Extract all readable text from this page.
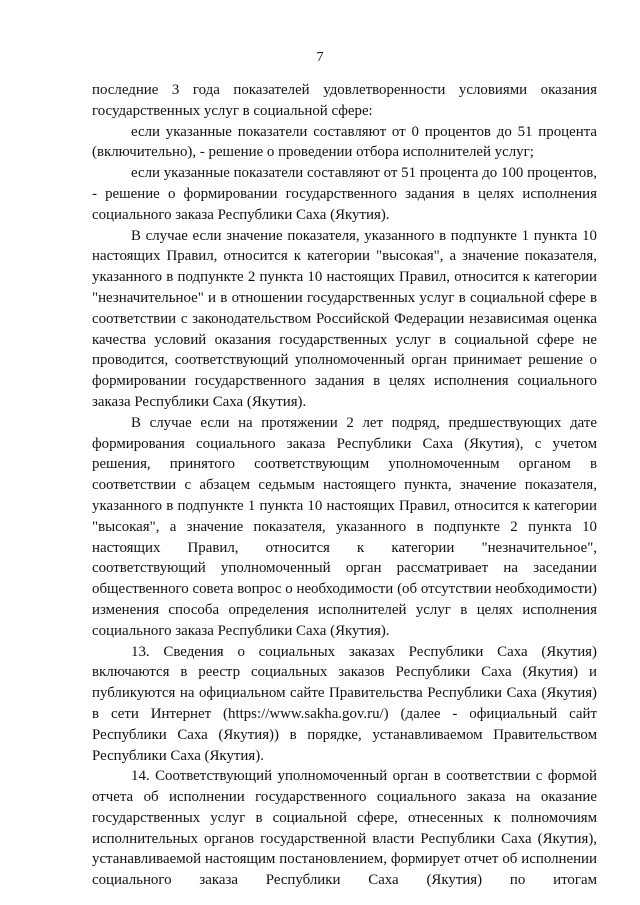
7

последние 3 года показателей удовлетворенности условиями оказания государственных услуг в социальной сфере:

если указанные показатели составляют от 0 процентов до 51 процента (включительно), - решение о проведении отбора исполнителей услуг;

если указанные показатели составляют от 51 процента до 100 процентов, - решение о формировании государственного задания в целях исполнения социального заказа Республики Саха (Якутия).

В случае если значение показателя, указанного в подпункте 1 пункта 10 настоящих Правил, относится к категории "высокая", а значение показателя, указанного в подпункте 2 пункта 10 настоящих Правил, относится к категории "незначительное" и в отношении государственных услуг в социальной сфере в соответствии с законодательством Российской Федерации независимая оценка качества условий оказания государственных услуг в социальной сфере не проводится, соответствующий уполномоченный орган принимает решение о формировании государственного задания в целях исполнения социального заказа Республики Саха (Якутия).

В случае если на протяжении 2 лет подряд, предшествующих дате формирования социального заказа Республики Саха (Якутия), с учетом решения, принятого соответствующим уполномоченным органом в соответствии с абзацем седьмым настоящего пункта, значение показателя, указанного в подпункте 1 пункта 10 настоящих Правил, относится к категории "высокая", а значение показателя, указанного в подпункте 2 пункта 10 настоящих Правил, относится к категории "незначительное", соответствующий уполномоченный орган рассматривает на заседании общественного совета вопрос о необходимости (об отсутствии необходимости) изменения способа определения исполнителей услуг в целях исполнения социального заказа Республики Саха (Якутия).

13. Сведения о социальных заказах Республики Саха (Якутия) включаются в реестр социальных заказов Республики Саха (Якутия) и публикуются на официальном сайте Правительства Республики Саха (Якутия) в сети Интернет (https://www.sakha.gov.ru/) (далее - официальный сайт Республики Саха (Якутия)) в порядке, устанавливаемом Правительством Республики Саха (Якутия).

14. Соответствующий уполномоченный орган в соответствии с формой отчета об исполнении государственного социального заказа на оказание государственных услуг в социальной сфере, отнесенных к полномочиям исполнительных органов государственной власти Республики Саха (Якутия), устанавливаемой настоящим постановлением, формирует отчет об исполнении социального заказа Республики Саха (Якутия) по итогам
